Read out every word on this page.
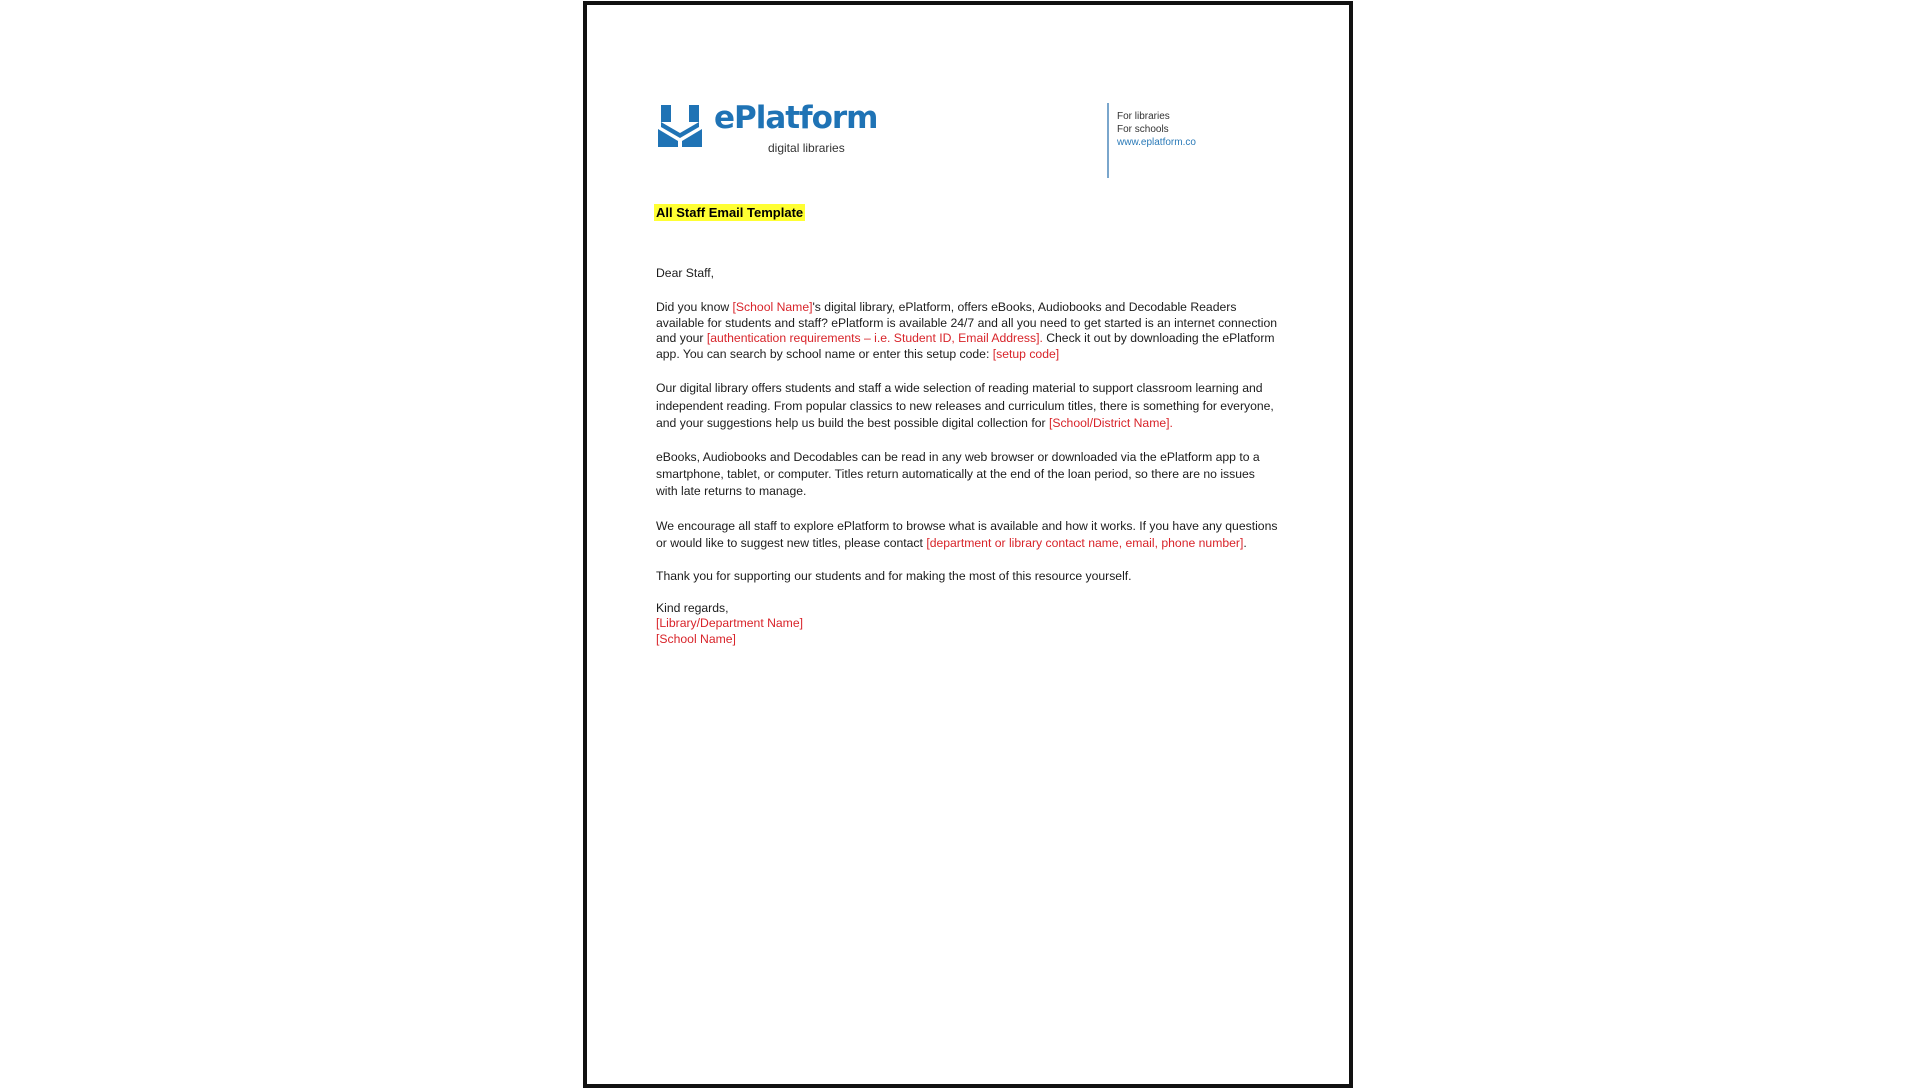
ePlatform
digital libraries
For libraries
For schools
www.eplatform.co
All Staff Email Template

Dear Staff,

Did you know [School Name]'s digital library, ePlatform, offers eBooks, Audiobooks and Decodable Readers available for students and staff? ePlatform is available 24/7 and all you need to get started is an internet connection and your [authentication requirements – i.e. Student ID, Email Address]. Check it out by downloading the ePlatform app. You can search by school name or enter this setup code: [setup code]

Our digital library offers students and staff a wide selection of reading material to support classroom learning and independent reading. From popular classics to new releases and curriculum titles, there is something for everyone, and your suggestions help us build the best possible digital collection for [School/District Name].

eBooks, Audiobooks and Decodables can be read in any web browser or downloaded via the ePlatform app to a smartphone, tablet, or computer. Titles return automatically at the end of the loan period, so there are no issues with late returns to manage.

We encourage all staff to explore ePlatform to browse what is available and how it works. If you have any questions or would like to suggest new titles, please contact [department or library contact name, email, phone number].

Thank you for supporting our students and for making the most of this resource yourself.

Kind regards,
[Library/Department Name]
[School Name]
